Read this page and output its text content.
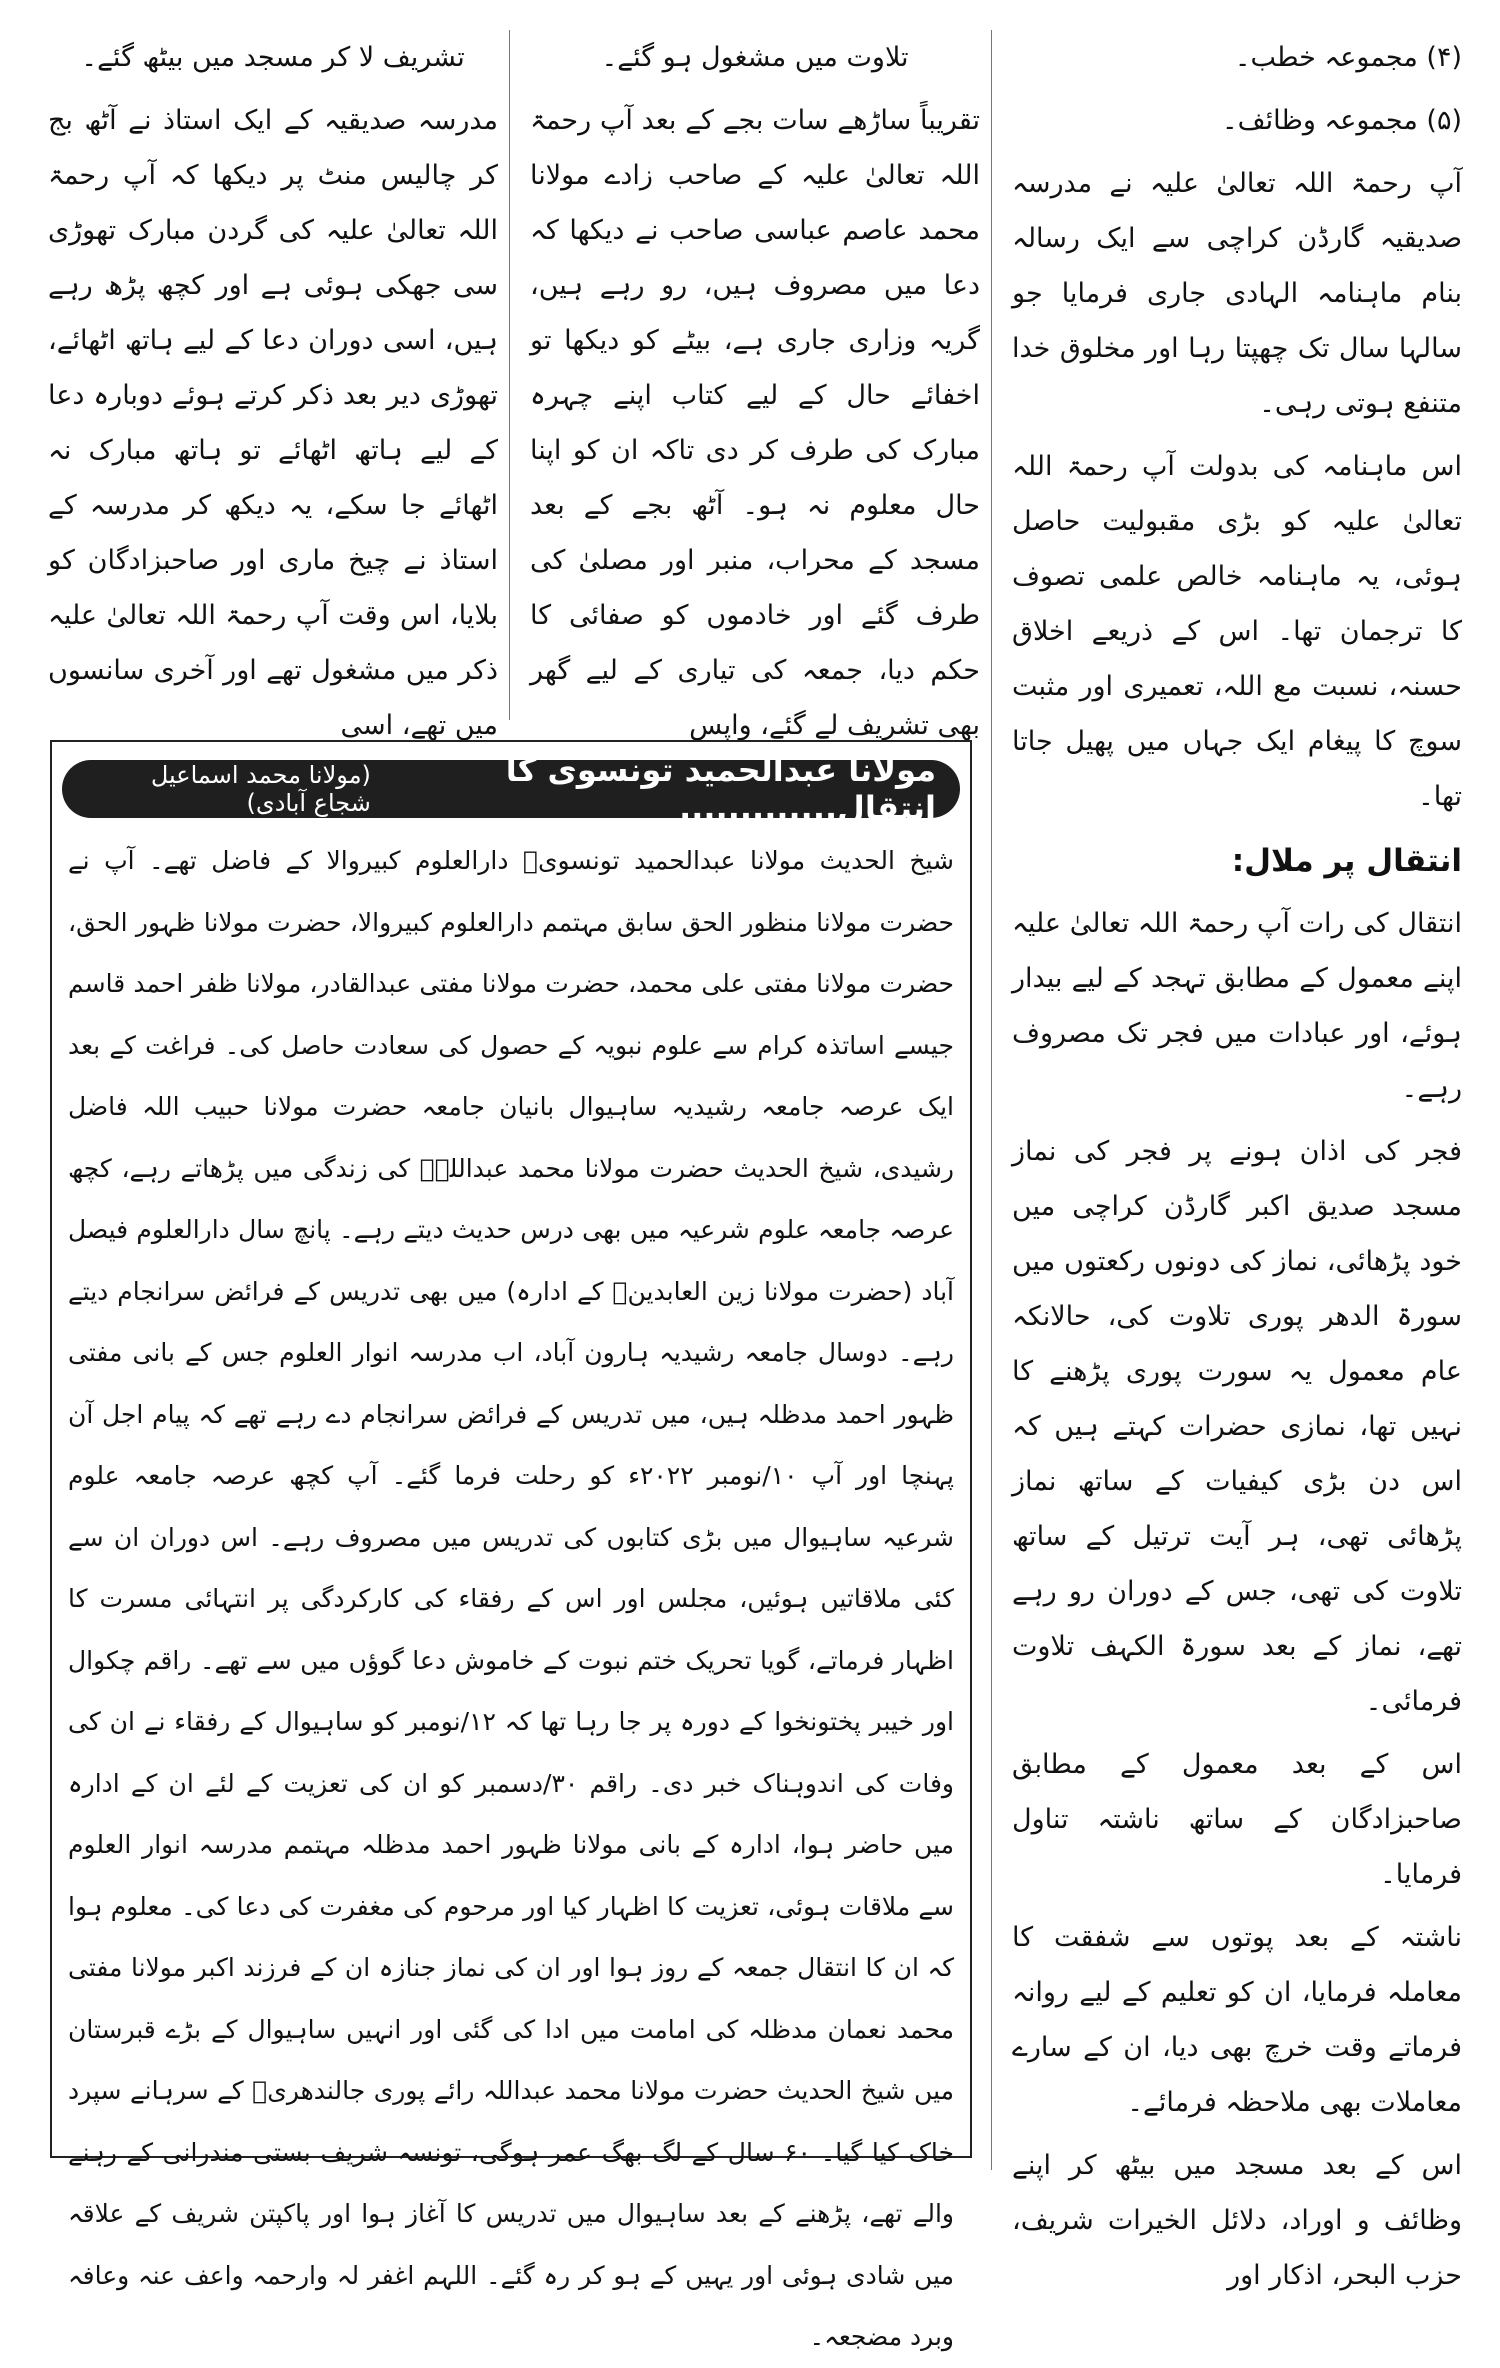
(۴) مجموعہ خطب۔

(۵) مجموعہ وظائف۔

آپ رحمۃ اللہ تعالیٰ علیہ نے مدرسہ صدیقیہ گارڈن کراچی سے ایک رسالہ بنام ماہنامہ الہادی جاری فرمایا جو سالہا سال تک چھپتا رہا اور مخلوق خدا متنفع ہوتی رہی۔

اس ماہنامہ کی بدولت آپ رحمۃ اللہ تعالیٰ علیہ کو بڑی مقبولیت حاصل ہوئی، یہ ماہنامہ خالص علمی تصوف کا ترجمان تھا۔ اس کے ذریعے اخلاق حسنہ، نسبت مع اللہ، تعمیری اور مثبت سوچ کا پیغام ایک جہاں میں پھیل جاتا تھا۔

انتقال پر ملال:

انتقال کی رات آپ رحمۃ اللہ تعالیٰ علیہ اپنے معمول کے مطابق تہجد کے لیے بیدار ہوئے، اور عبادات میں فجر تک مصروف رہے۔

فجر کی اذان ہونے پر فجر کی نماز مسجد صدیق اکبر گارڈن کراچی میں خود پڑھائی، نماز کی دونوں رکعتوں میں سورۃ الدھر پوری تلاوت کی، حالانکہ عام معمول یہ سورت پوری پڑھنے کا نہیں تھا، نمازی حضرات کہتے ہیں کہ اس دن بڑی کیفیات کے ساتھ نماز پڑھائی تھی، ہر آیت ترتیل کے ساتھ تلاوت کی تھی، جس کے دوران رو رہے تھے، نماز کے بعد سورۃ الکہف تلاوت فرمائی۔

اس کے بعد معمول کے مطابق صاحبزادگان کے ساتھ ناشتہ تناول فرمایا۔

ناشتہ کے بعد پوتوں سے شفقت کا معاملہ فرمایا، ان کو تعلیم کے لیے روانہ فرماتے وقت خرچ بھی دیا، ان کے سارے معاملات بھی ملاحظہ فرمائے۔

اس کے بعد مسجد میں بیٹھ کر اپنے وظائف و اوراد، دلائل الخیرات شریف، حزب البحر، اذکار اور

تلاوت میں مشغول ہو گئے۔

تقریباً ساڑھے سات بجے کے بعد آپ رحمۃ اللہ تعالیٰ علیہ کے صاحب زادے مولانا محمد عاصم عباسی صاحب نے دیکھا کہ دعا میں مصروف ہیں، رو رہے ہیں، گریہ وزاری جاری ہے، بیٹے کو دیکھا تو اخفائے حال کے لیے کتاب اپنے چہرہ مبارک کی طرف کر دی تاکہ ان کو اپنا حال معلوم نہ ہو۔ آٹھ بجے کے بعد مسجد کے محراب، منبر اور مصلیٰ کی طرف گئے اور خادموں کو صفائی کا حکم دیا، جمعہ کی تیاری کے لیے گھر بھی تشریف لے گئے، واپس

تشریف لا کر مسجد میں بیٹھ گئے۔

مدرسہ صدیقیہ کے ایک استاذ نے آٹھ بج کر چالیس منٹ پر دیکھا کہ آپ رحمۃ اللہ تعالیٰ علیہ کی گردن مبارک تھوڑی سی جھکی ہوئی ہے اور کچھ پڑھ رہے ہیں، اسی دوران دعا کے لیے ہاتھ اٹھائے، تھوڑی دیر بعد ذکر کرتے ہوئے دوبارہ دعا کے لیے ہاتھ اٹھائے تو ہاتھ مبارک نہ اٹھائے جا سکے، یہ دیکھ کر مدرسہ کے استاذ نے چیخ ماری اور صاحبزادگان کو بلایا، اس وقت آپ رحمۃ اللہ تعالیٰ علیہ ذکر میں مشغول تھے اور آخری سانسوں میں تھے، اسی

مولانا عبدالحمید تونسوی کا انتقال.............
(مولانا محمد اسماعیل شجاع آبادی)

شیخ الحدیث مولانا عبدالحمید تونسویؒ دارالعلوم کبیروالا کے فاضل تھے۔ آپ نے حضرت مولانا منظور الحق سابق مہتمم دارالعلوم کبیروالا، حضرت مولانا ظہور الحق، حضرت مولانا مفتی علی محمد، حضرت مولانا مفتی عبدالقادر، مولانا ظفر احمد قاسم جیسے اساتذہ کرام سے علوم نبویہ کے حصول کی سعادت حاصل کی۔ فراغت کے بعد ایک عرصہ جامعہ رشیدیہ ساہیوال بانیان جامعہ حضرت مولانا حبیب اللہ فاضل رشیدی، شیخ الحدیث حضرت مولانا محمد عبداللہؒ کی زندگی میں پڑھاتے رہے، کچھ عرصہ جامعہ علوم شرعیہ میں بھی درس حدیث دیتے رہے۔ پانچ سال دارالعلوم فیصل آباد (حضرت مولانا زین العابدینؒ کے ادارہ) میں بھی تدریس کے فرائض سرانجام دیتے رہے۔ دوسال جامعہ رشیدیہ ہارون آباد، اب مدرسہ انوار العلوم جس کے بانی مفتی ظہور احمد مدظلہ ہیں، میں تدریس کے فرائض سرانجام دے رہے تھے کہ پیام اجل آن پہنچا اور آپ ۱۰/نومبر ۲۰۲۲ء کو رحلت فرما گئے۔ آپ کچھ عرصہ جامعہ علوم شرعیہ ساہیوال میں بڑی کتابوں کی تدریس میں مصروف رہے۔ اس دوران ان سے کئی ملاقاتیں ہوئیں، مجلس اور اس کے رفقاء کی کارکردگی پر انتہائی مسرت کا اظہار فرماتے، گویا تحریک ختم نبوت کے خاموش دعا گوؤں میں سے تھے۔ راقم چکوال اور خیبر پختونخوا کے دورہ پر جا رہا تھا کہ ۱۲/نومبر کو ساہیوال کے رفقاء نے ان کی وفات کی اندوہناک خبر دی۔ راقم ۳۰/دسمبر کو ان کی تعزیت کے لئے ان کے ادارہ میں حاضر ہوا، ادارہ کے بانی مولانا ظہور احمد مدظلہ مہتمم مدرسہ انوار العلوم سے ملاقات ہوئی، تعزیت کا اظہار کیا اور مرحوم کی مغفرت کی دعا کی۔ معلوم ہوا کہ ان کا انتقال جمعہ کے روز ہوا اور ان کی نماز جنازہ ان کے فرزند اکبر مولانا مفتی محمد نعمان مدظلہ کی امامت میں ادا کی گئی اور انہیں ساہیوال کے بڑے قبرستان میں شیخ الحدیث حضرت مولانا محمد عبداللہ رائے پوری جالندھریؒ کے سرہانے سپرد خاک کیا گیا۔ ۶۰ سال کے لگ بھگ عمر ہوگی، تونسہ شریف بستی مندرانی کے رہنے والے تھے، پڑھنے کے بعد ساہیوال میں تدریس کا آغاز ہوا اور پاکپتن شریف کے علاقہ میں شادی ہوئی اور یہیں کے ہو کر رہ گئے۔ اللہم اغفر لہ وارحمہ واعف عنہ وعافہ وبرد مضجعہ۔
